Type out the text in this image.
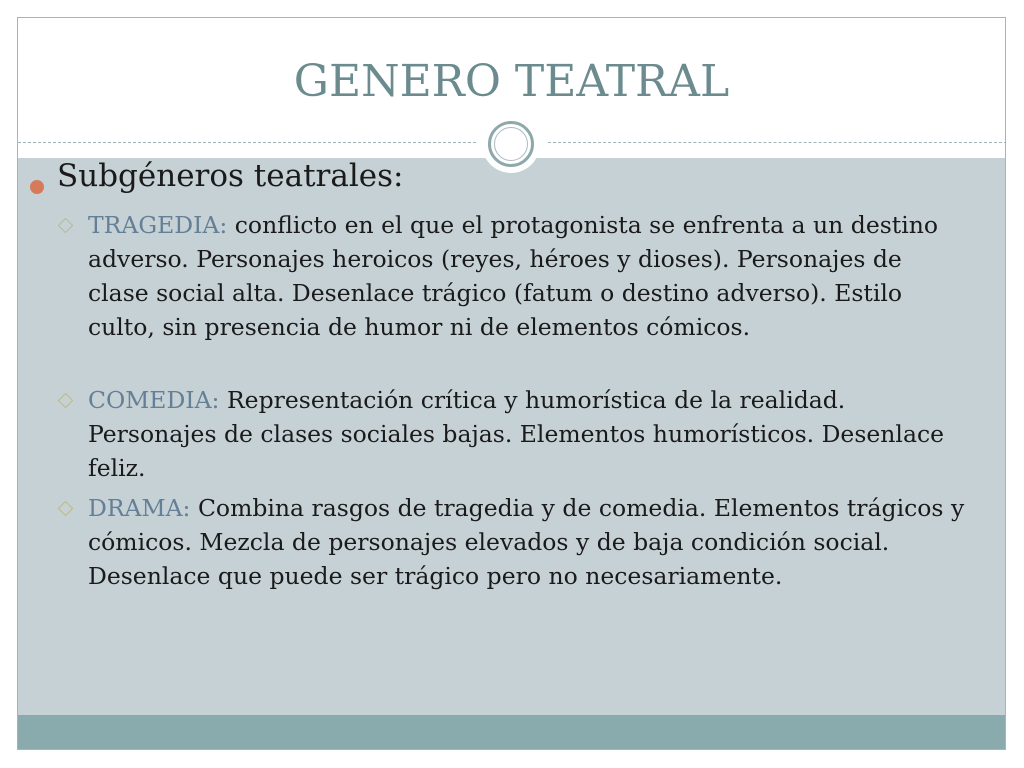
GENERO TEATRAL
Subgéneros teatrales:
TRAGEDIA: conflicto en el que el protagonista se enfrenta a un destino adverso. Personajes heroicos (reyes, héroes y dioses). Personajes de clase social alta. Desenlace trágico (fatum o destino adverso). Estilo culto, sin presencia de humor ni de elementos cómicos.
COMEDIA: Representación crítica y humorística de la realidad. Personajes de clases sociales bajas. Elementos humorísticos. Desenlace feliz.
DRAMA: Combina rasgos de tragedia y de comedia. Elementos trágicos y cómicos. Mezcla de personajes elevados y de baja condición social. Desenlace que puede ser trágico pero no necesariamente.
